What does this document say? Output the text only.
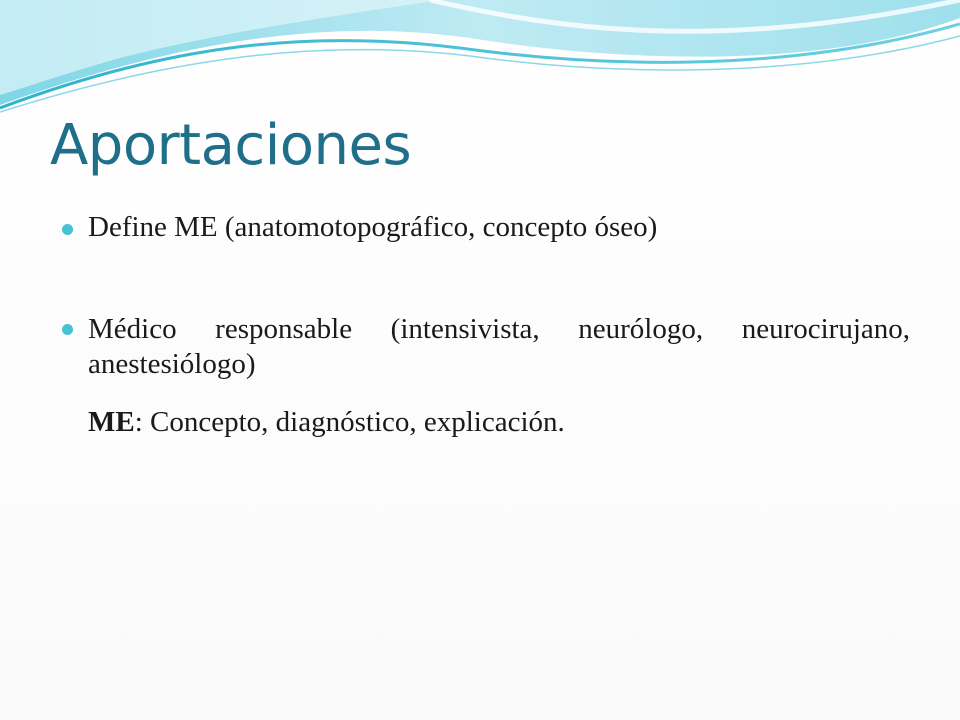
Aportaciones
Define ME (anatomotopográfico, concepto óseo)
Médico responsable (intensivista, neurólogo, neurocirujano, anestesiólogo)
ME: Concepto, diagnóstico, explicación.
